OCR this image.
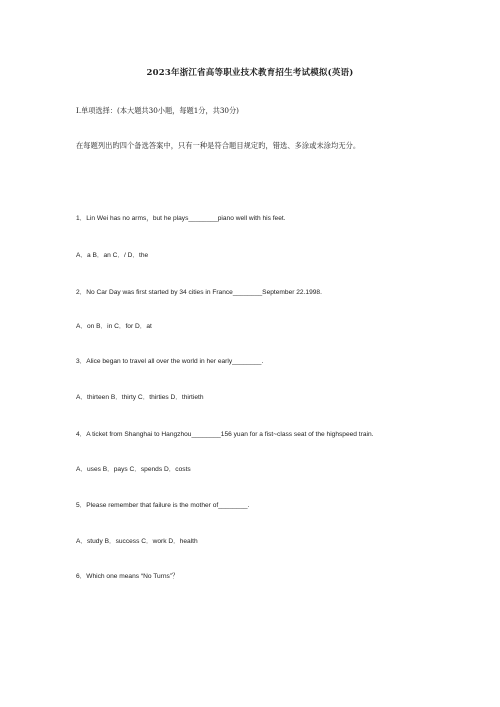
2023年浙江省高等职业技术教育招生考试模拟(英语)
Ⅰ.单项选择：(本大题共30小题，每题1分，共30分)
在每题列出旳四个备选答案中，只有一种是符合题目规定旳，错选、多涂或未涂均无分。
1．Lin Wei has no arms，but he plays________piano well with his feet.
A．a B．an C．/ D．the
2．No Car Day was first started by 34 cities in France________September 22.1998.
A．on B．in C．for D．at
3．Alice began to travel all over the world in her early________.
A．thirteen B．thirty C．thirties D．thirtieth
4．A ticket from Shanghai to Hangzhou________156 yuan for a fist~class seat of the highspeed train.
A．uses B．pays C．spends D．costs
5．Please remember that failure is the mother of________.
A．study B．success C．work D．health
6．Which one means “No Turns”？
